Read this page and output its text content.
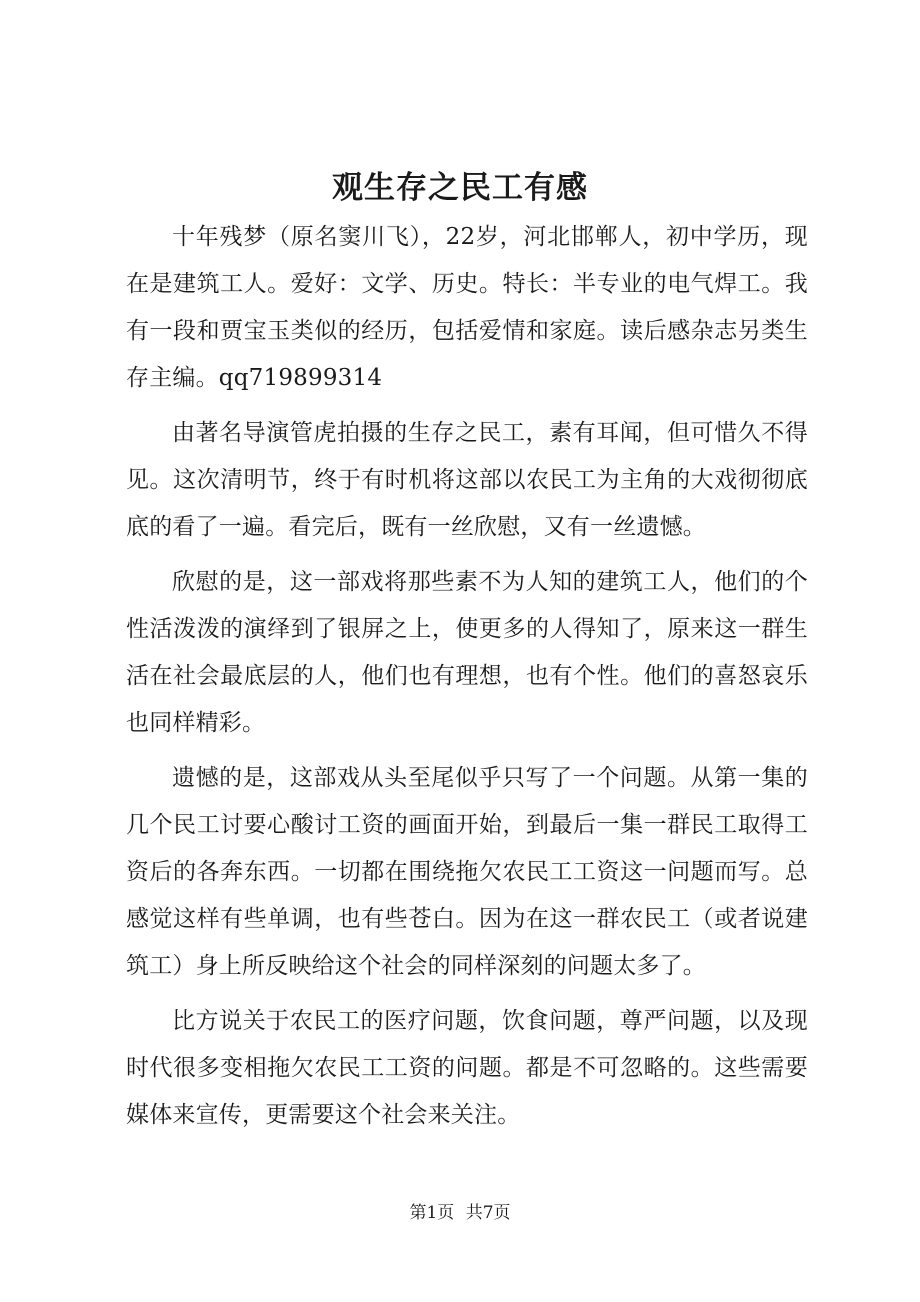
观生存之民工有感

十年残梦（原名窦川飞），22岁，河北邯郸人，初中学历，现在是建筑工人。爱好：文学、历史。特长：半专业的电气焊工。我有一段和贾宝玉类似的经历，包括爱情和家庭。读后感杂志另类生存主编。qq719899314

由著名导演管虎拍摄的生存之民工，素有耳闻，但可惜久不得见。这次清明节，终于有时机将这部以农民工为主角的大戏彻彻底底的看了一遍。看完后，既有一丝欣慰，又有一丝遗憾。

欣慰的是，这一部戏将那些素不为人知的建筑工人，他们的个性活泼泼的演绎到了银屏之上，使更多的人得知了，原来这一群生活在社会最底层的人，他们也有理想，也有个性。他们的喜怒哀乐也同样精彩。

遗憾的是，这部戏从头至尾似乎只写了一个问题。从第一集的几个民工讨要心酸讨工资的画面开始，到最后一集一群民工取得工资后的各奔东西。一切都在围绕拖欠农民工工资这一问题而写。总感觉这样有些单调，也有些苍白。因为在这一群农民工（或者说建筑工）身上所反映给这个社会的同样深刻的问题太多了。

比方说关于农民工的医疗问题，饮食问题，尊严问题，以及现时代很多变相拖欠农民工工资的问题。都是不可忽略的。这些需要媒体来宣传，更需要这个社会来关注。

第1页 共7页
